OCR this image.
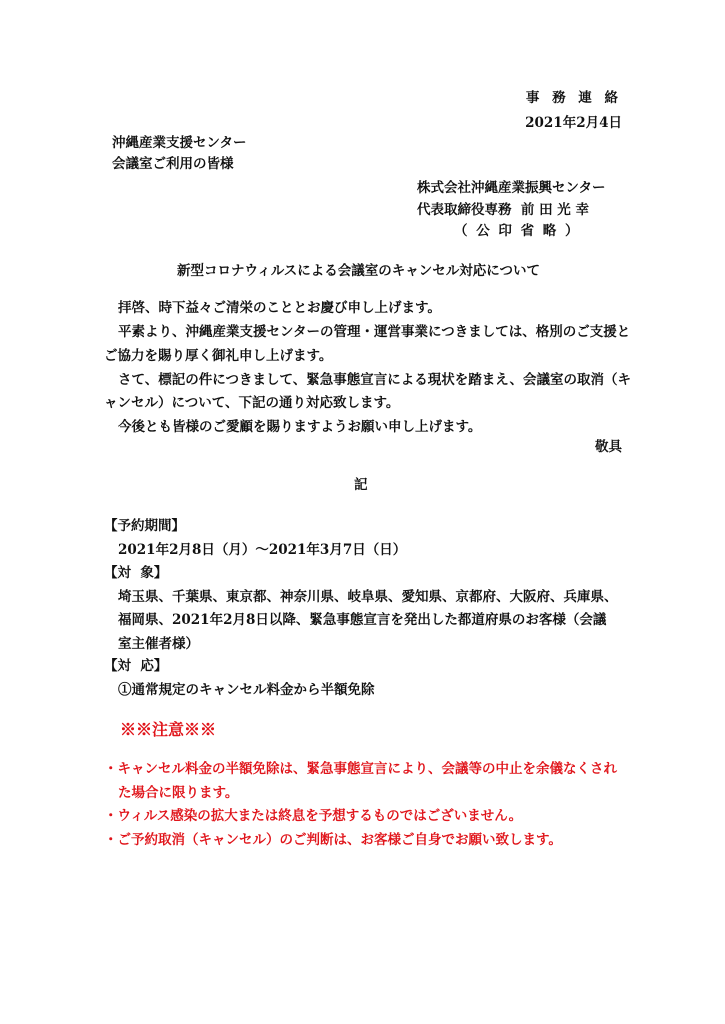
事 務 連 絡
2021年2月4日
沖縄産業支援センター
会議室ご利用の皆様
株式会社沖縄産業振興センター
代表取締役専務  前 田 光 幸
（ 公 印 省 略 ）
新型コロナウィルスによる会議室のキャンセル対応について
拝啓、時下益々ご清栄のこととお慶び申し上げます。
平素より、沖縄産業支援センターの管理・運営事業につきましては、格別のご支援と
ご協力を賜り厚く御礼申し上げます。
さて、標記の件につきまして、緊急事態宣言による現状を踏まえ、会議室の取消（キ
ャンセル）について、下記の通り対応致します。
今後とも皆様のご愛顧を賜りますようお願い申し上げます。
敬具
記
【予約期間】
2021年2月8日（月）～2021年3月7日（日）
【対  象】
埼玉県、千葉県、東京都、神奈川県、岐阜県、愛知県、京都府、大阪府、兵庫県、
福岡県、2021年2月8日以降、緊急事態宣言を発出した都道府県のお客様（会議
室主催者様）
【対  応】
①通常規定のキャンセル料金から半額免除
※※注意※※
・キャンセル料金の半額免除は、緊急事態宣言により、会議等の中止を余儀なくされ
た場合に限ります。
・ウィルス感染の拡大または終息を予想するものではございません。
・ご予約取消（キャンセル）のご判断は、お客様ご自身でお願い致します。
